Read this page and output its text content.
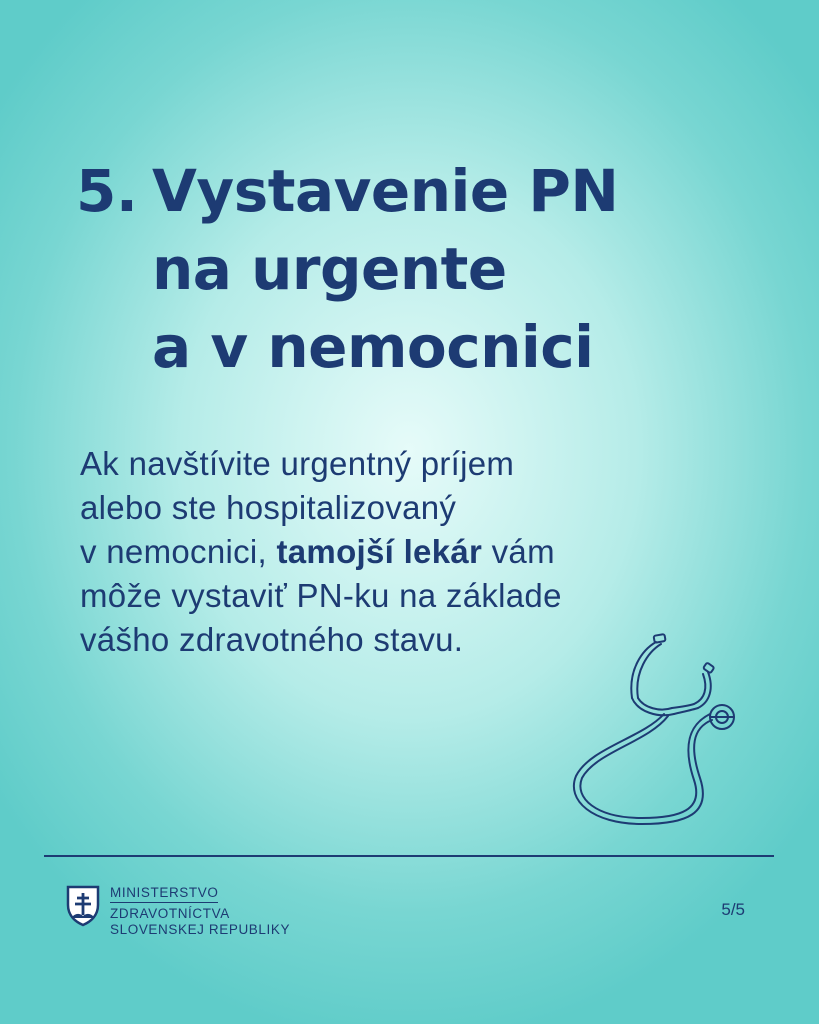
5. Vystavenie PN
na urgente
a v nemocnici

Ak navštívite urgentný príjem
alebo ste hospitalizovaný
v nemocnici, tamojší lekár vám
môže vystaviť PN-ku na základe
vášho zdravotného stavu.

MINISTERSTVO
ZDRAVOTNÍCTVA
SLOVENSKEJ REPUBLIKY
5/5
